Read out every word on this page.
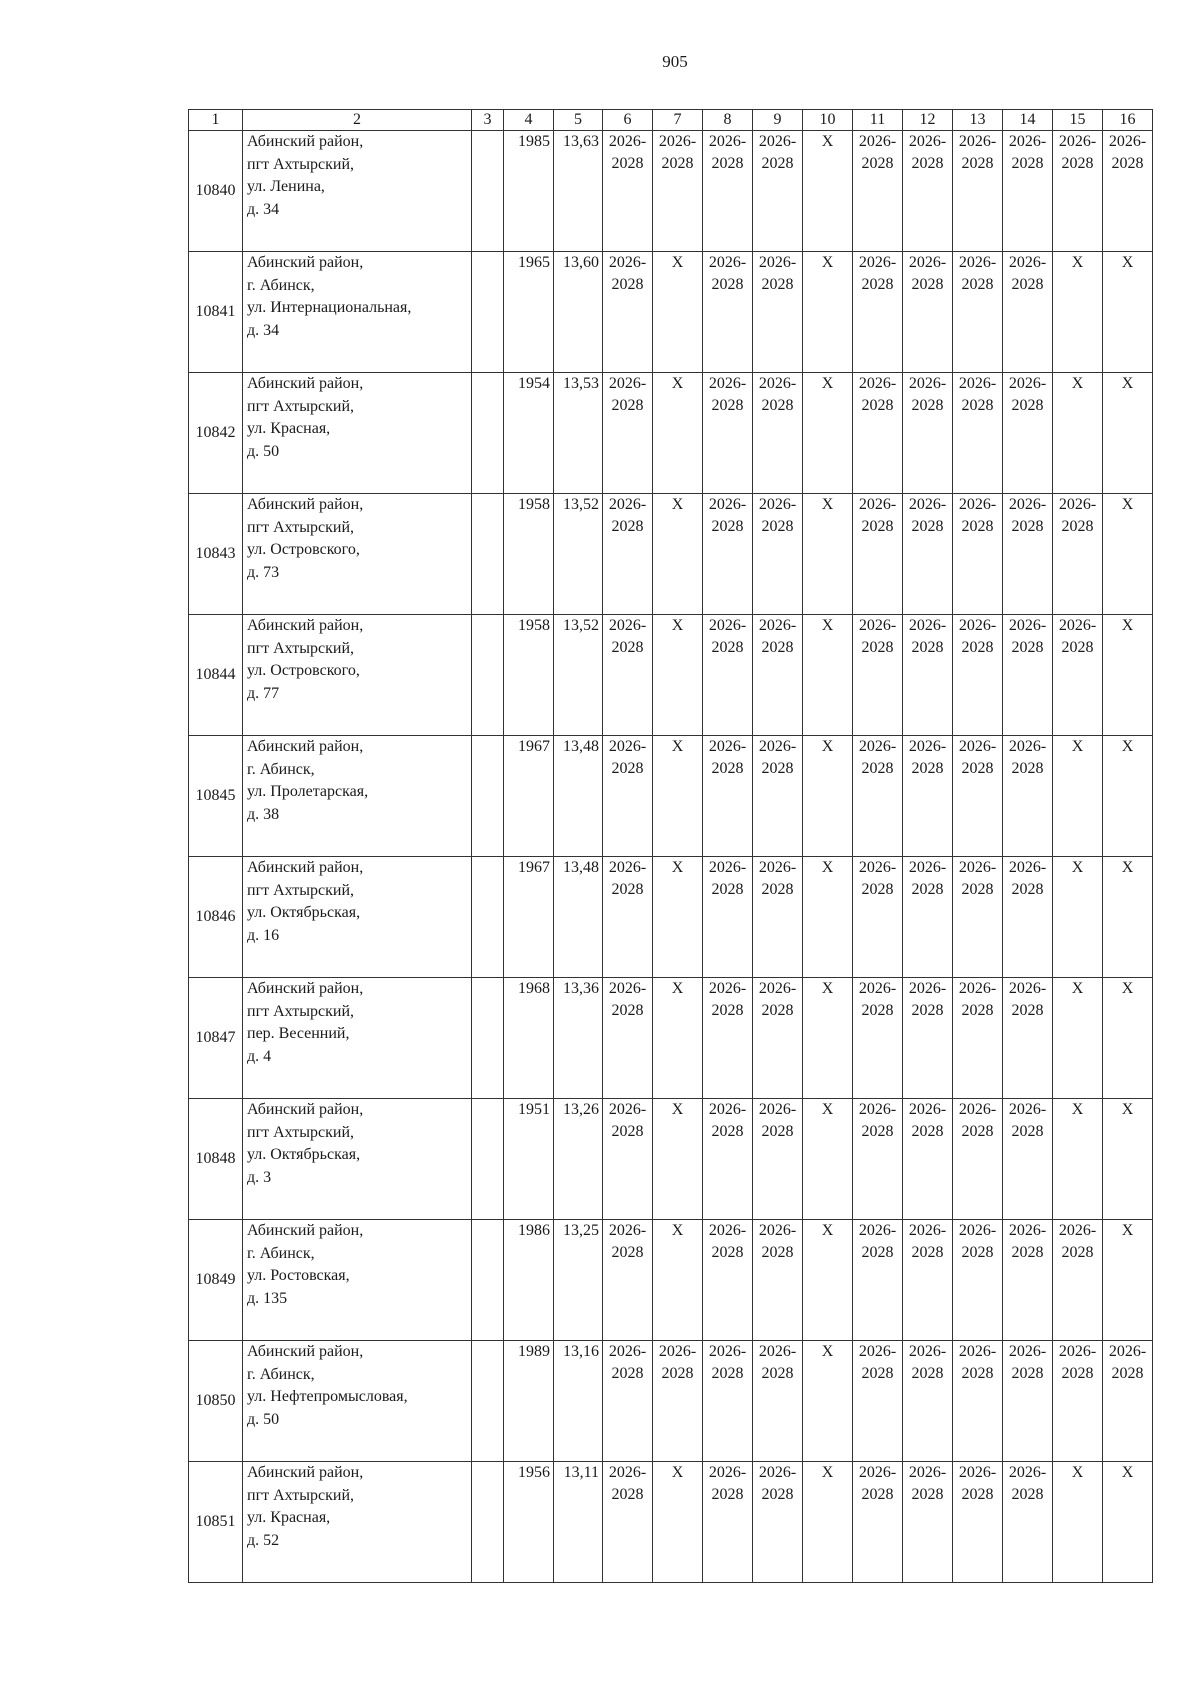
905
1	2	3	4	5	6	7	8	9	10	11	12	13	14	15	16
10840	Абинский район,
пгт Ахтырский,
ул. Ленина,
д. 34		1985	13,63	2026-
2028	2026-
2028	2026-
2028	2026-
2028	Х	2026-
2028	2026-
2028	2026-
2028	2026-
2028	2026-
2028	2026-
2028

10841	Абинский район,
г. Абинск,
ул. Интернациональная,
д. 34		1965	13,60	2026-
2028	Х	2026-
2028	2026-
2028	Х	2026-
2028	2026-
2028	2026-
2028	2026-
2028	Х	Х

10842	Абинский район,
пгт Ахтырский,
ул. Красная,
д. 50		1954	13,53	2026-
2028	Х	2026-
2028	2026-
2028	Х	2026-
2028	2026-
2028	2026-
2028	2026-
2028	Х	Х

10843	Абинский район,
пгт Ахтырский,
ул. Островского,
д. 73		1958	13,52	2026-
2028	Х	2026-
2028	2026-
2028	Х	2026-
2028	2026-
2028	2026-
2028	2026-
2028	2026-
2028	Х

10844	Абинский район,
пгт Ахтырский,
ул. Островского,
д. 77		1958	13,52	2026-
2028	Х	2026-
2028	2026-
2028	Х	2026-
2028	2026-
2028	2026-
2028	2026-
2028	2026-
2028	Х

10845	Абинский район,
г. Абинск,
ул. Пролетарская,
д. 38		1967	13,48	2026-
2028	Х	2026-
2028	2026-
2028	Х	2026-
2028	2026-
2028	2026-
2028	2026-
2028	Х	Х

10846	Абинский район,
пгт Ахтырский,
ул. Октябрьская,
д. 16		1967	13,48	2026-
2028	Х	2026-
2028	2026-
2028	Х	2026-
2028	2026-
2028	2026-
2028	2026-
2028	Х	Х

10847	Абинский район,
пгт Ахтырский,
пер. Весенний,
д. 4		1968	13,36	2026-
2028	Х	2026-
2028	2026-
2028	Х	2026-
2028	2026-
2028	2026-
2028	2026-
2028	Х	Х

10848	Абинский район,
пгт Ахтырский,
ул. Октябрьская,
д. 3		1951	13,26	2026-
2028	Х	2026-
2028	2026-
2028	Х	2026-
2028	2026-
2028	2026-
2028	2026-
2028	Х	Х

10849	Абинский район,
г. Абинск,
ул. Ростовская,
д. 135		1986	13,25	2026-
2028	Х	2026-
2028	2026-
2028	Х	2026-
2028	2026-
2028	2026-
2028	2026-
2028	2026-
2028	Х

10850	Абинский район,
г. Абинск,
ул. Нефтепромысловая,
д. 50		1989	13,16	2026-
2028	2026-
2028	2026-
2028	2026-
2028	Х	2026-
2028	2026-
2028	2026-
2028	2026-
2028	2026-
2028	2026-
2028

10851	Абинский район,
пгт Ахтырский,
ул. Красная,
д. 52		1956	13,11	2026-
2028	Х	2026-
2028	2026-
2028	Х	2026-
2028	2026-
2028	2026-
2028	2026-
2028	Х	Х
